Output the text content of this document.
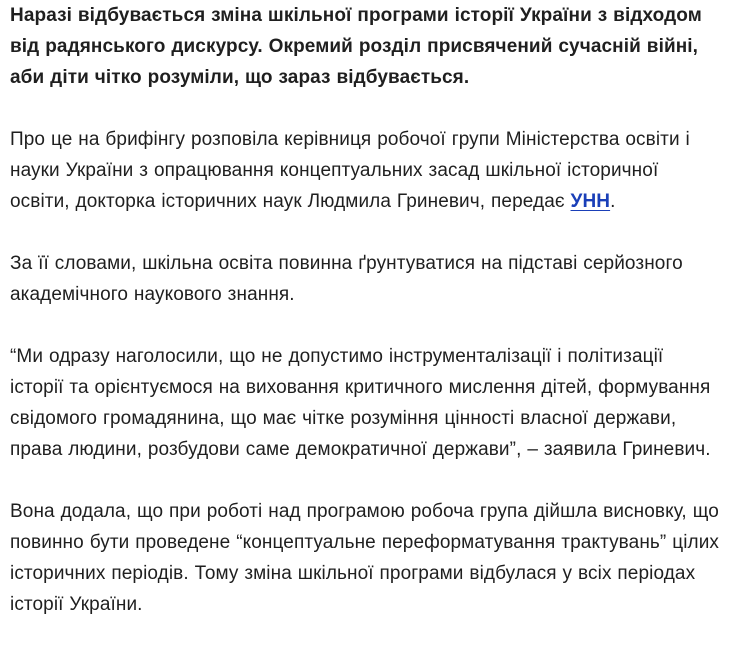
Наразі відбувається зміна шкільної програми історії України з відходом від радянського дискурсу. Окремий розділ присвячений сучасній війні, аби діти чітко розуміли, що зараз відбувається.

Про це на брифінгу розповіла керівниця робочої групи Міністерства освіти і науки України з опрацювання концептуальних засад шкільної історичної освіти, докторка історичних наук Людмила Гриневич, передає УНН.

За її словами, шкільна освіта повинна ґрунтуватися на підставі серйозного академічного наукового знання.

“Ми одразу наголосили, що не допустимо інструменталізації і політизації історії та орієнтуємося на виховання критичного мислення дітей, формування свідомого громадянина, що має чітке розуміння цінності власної держави, права людини, розбудови саме демократичної держави”, – заявила Гриневич.

Вона додала, що при роботі над програмою робоча група дійшла висновку, що повинно бути проведене “концептуальне переформатування трактувань” цілих історичних періодів. Тому зміна шкільної програми відбулася у всіх періодах історії України.
